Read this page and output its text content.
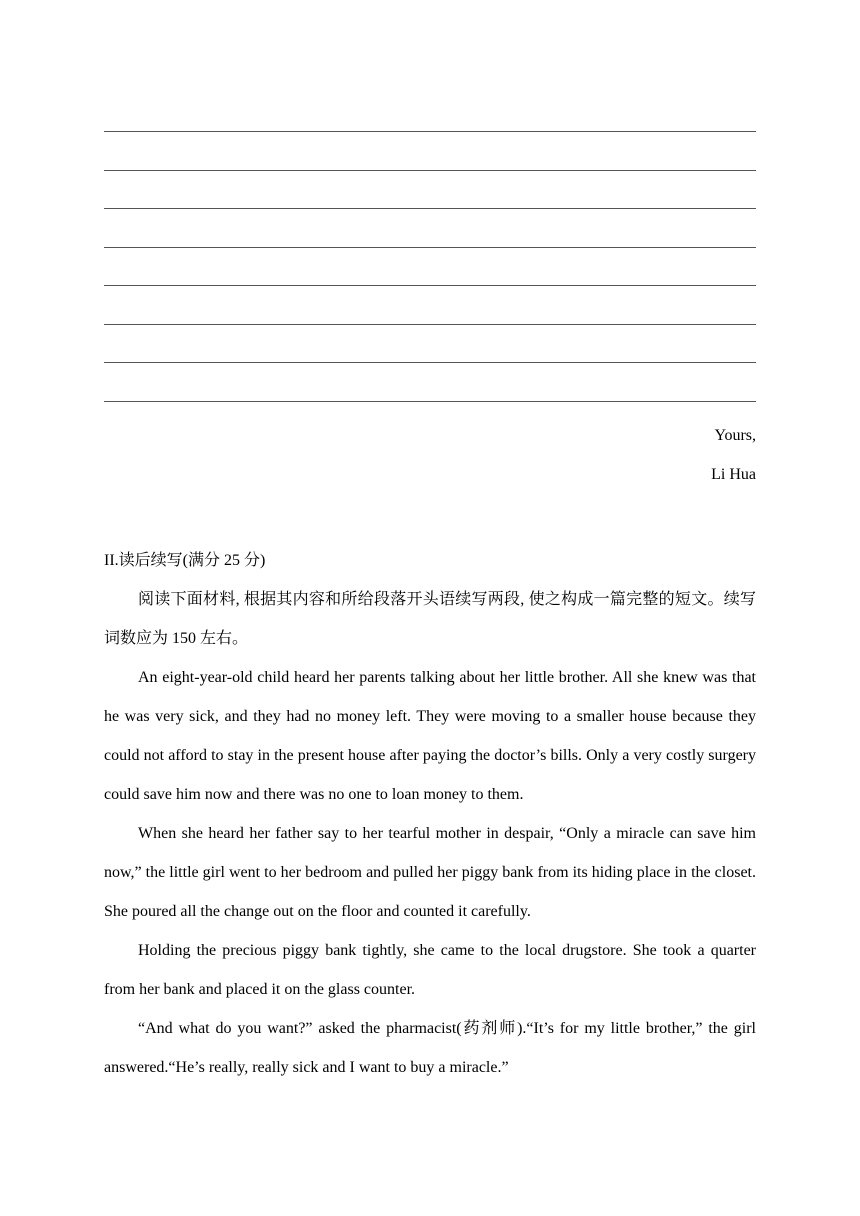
Yours,
Li Hua

II.读后续写(满分 25 分)

阅读下面材料, 根据其内容和所给段落开头语续写两段, 使之构成一篇完整的短文。续写词数应为 150 左右。

An eight-year-old child heard her parents talking about her little brother. All she knew was that he was very sick, and they had no money left. They were moving to a smaller house because they could not afford to stay in the present house after paying the doctor’s bills. Only a very costly surgery could save him now and there was no one to loan money to them.

When she heard her father say to her tearful mother in despair, “Only a miracle can save him now,” the little girl went to her bedroom and pulled her piggy bank from its hiding place in the closet. She poured all the change out on the floor and counted it carefully.

Holding the precious piggy bank tightly, she came to the local drugstore. She took a quarter from her bank and placed it on the glass counter.

“And what do you want?” asked the pharmacist(药剂师).“It’s for my little brother,” the girl answered.“He’s really, really sick and I want to buy a miracle.”
